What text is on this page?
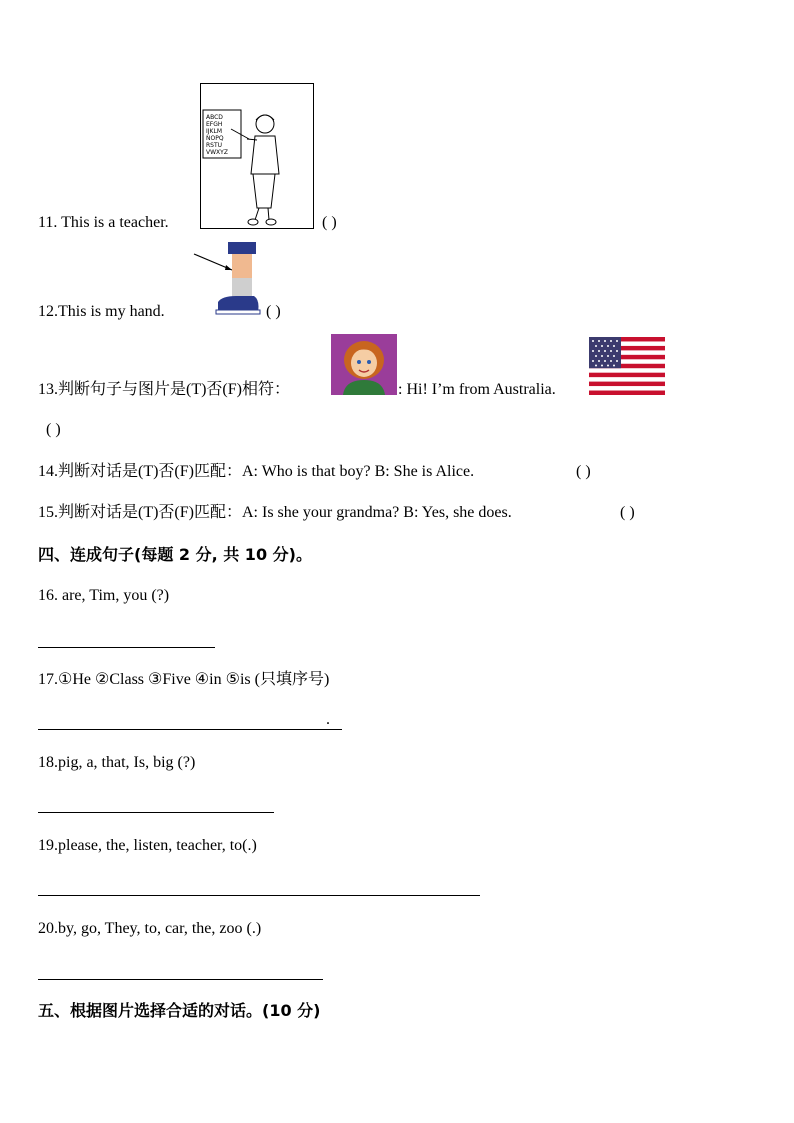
ABCD
EFGH
IJKLM
NOPQ
RSTU
VWXYZ
11. This is a teacher.	( )
12.This is my hand.	( )
13.判断句子与图片是(T)否(F)相符：	: Hi! I’m from Australia.
( )
14.判断对话是(T)否(F)匹配：A: Who is that boy? B: She is Alice.	( )
15.判断对话是(T)否(F)匹配：A: Is she your grandma? B: Yes, she does.	( )
四、连成句子(每题 2 分, 共 10 分)。
16. are, Tim, you (?)
17.①He ②Class ③Five ④in ⑤is (只填序号)
.
18.pig, a, that, Is, big (?)
19.please, the, listen, teacher, to(.)
20.by, go, They, to, car, the, zoo (.)
五、根据图片选择合适的对话。(10 分)
